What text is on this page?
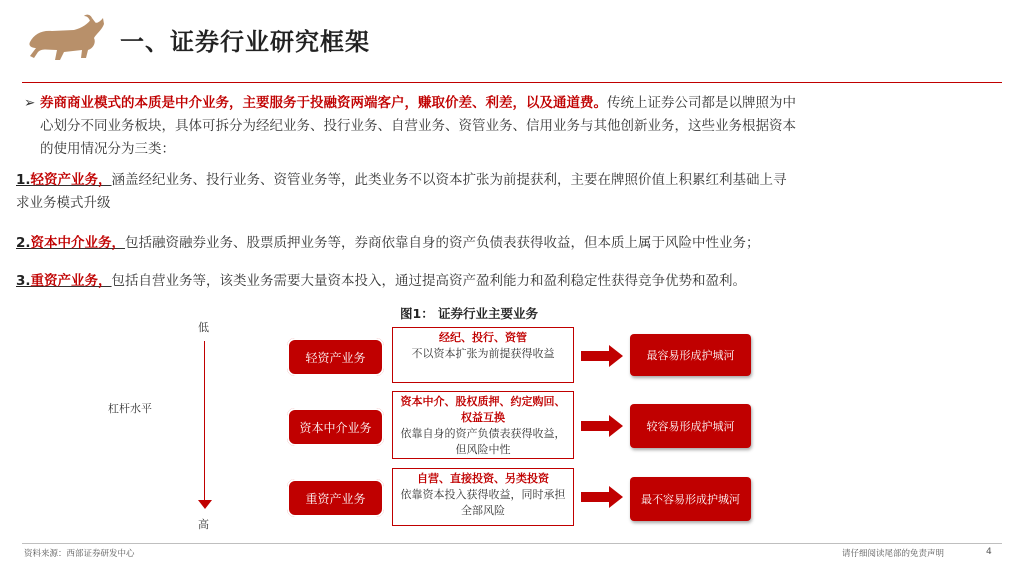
一、证券行业研究框架
➢ 券商商业模式的本质是中介业务，主要服务于投融资两端客户，赚取价差、利差，以及通道费。传统上证券公司都是以牌照为中
心划分不同业务板块，具体可拆分为经纪业务、投行业务、自营业务、资管业务、信用业务与其他创新业务，这些业务根据资本
的使用情况分为三类：
1.轻资产业务，涵盖经纪业务、投行业务、资管业务等，此类业务不以资本扩张为前提获利，主要在牌照价值上积累红利基础上寻
求业务模式升级
2.资本中介业务，包括融资融券业务、股票质押业务等，券商依靠自身的资产负债表获得收益，但本质上属于风险中性业务；
3.重资产业务，包括自营业务等，该类业务需要大量资本投入，通过提高资产盈利能力和盈利稳定性获得竞争优势和盈利。
图1： 证券行业主要业务
低
高
杠杆水平
轻资产业务
经纪、投行、资管
不以资本扩张为前提获得收益	最容易形成护城河
资本中介业务
资本中介、股权质押、约定购回、权益互换
依靠自身的资产负债表获得收益，但风险中性
较容易形成护城河
重资产业务
自营、直接投资、另类投资
依靠资本投入获得收益，同时承担全部风险
最不容易形成护城河
资料来源：西部证券研发中心	请仔细阅读尾部的免责声明	4
